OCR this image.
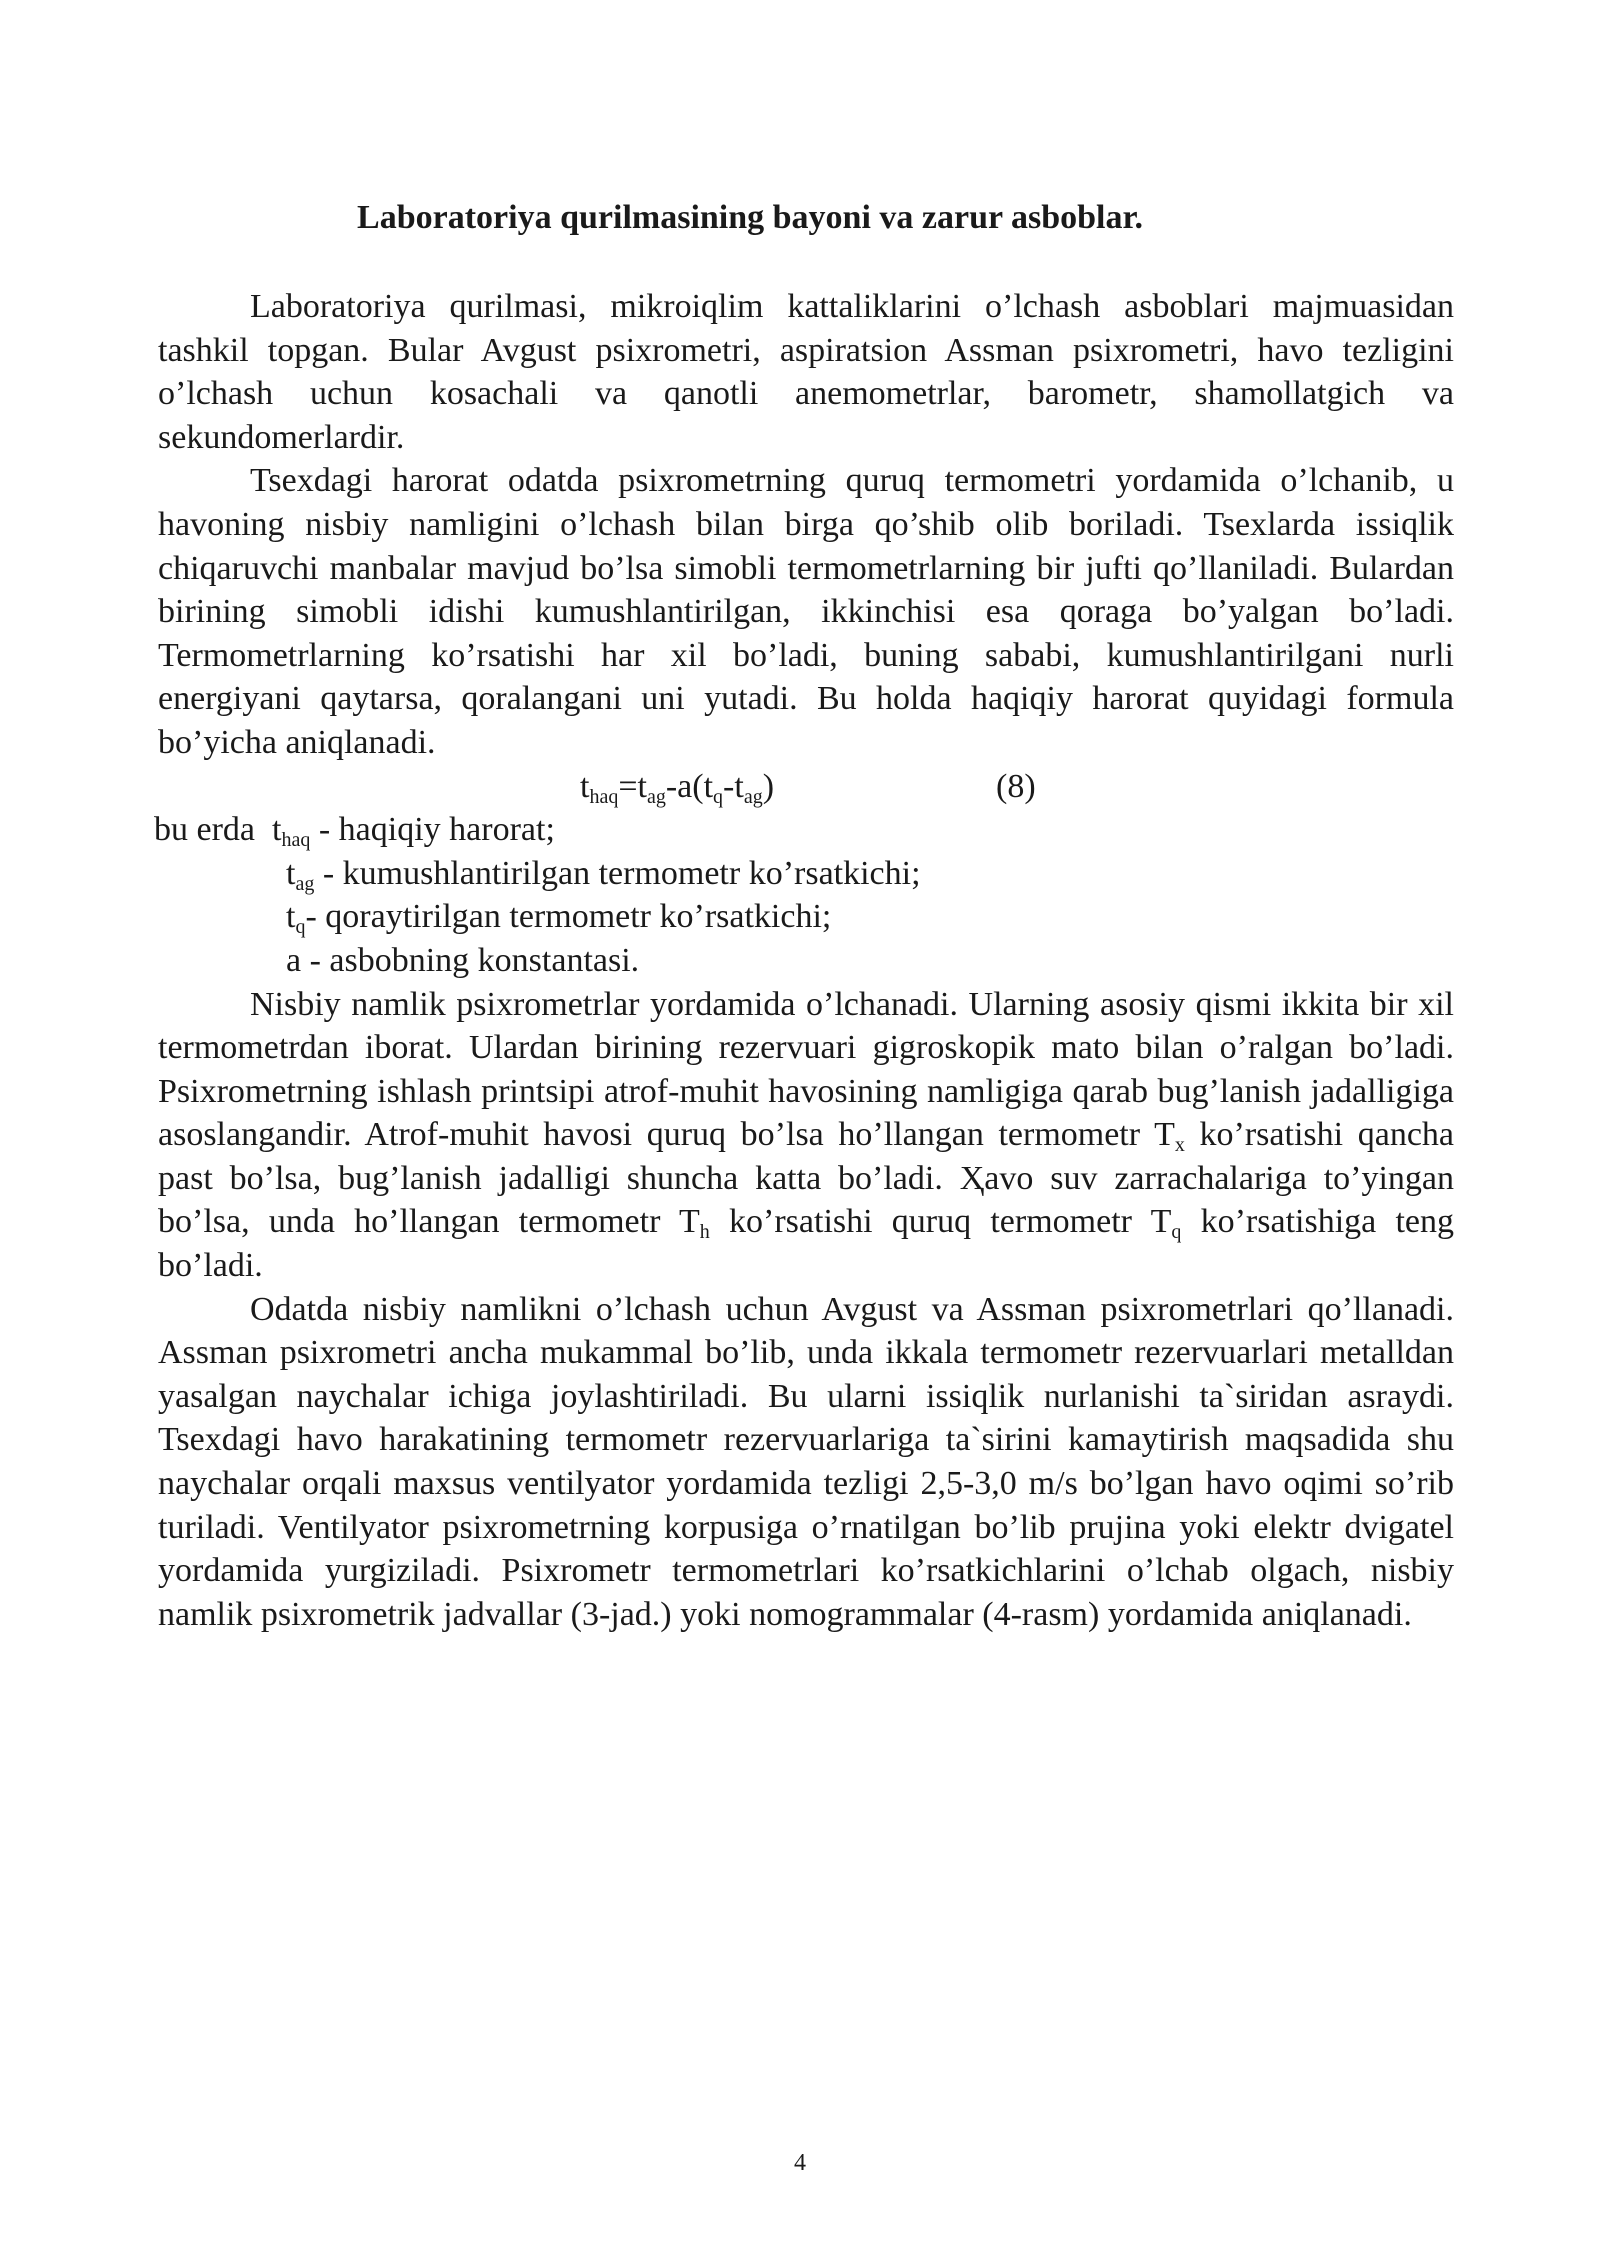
Laboratoriya qurilmasining bayoni va zarur asboblar.

Laboratoriya qurilmasi, mikroiqlim kattaliklarini o’lchash asboblari majmuasidan tashkil topgan. Bular Avgust psixrometri, aspiratsion Assman psixrometri, havo tezligini o’lchash uchun kosachali va qanotli anemometrlar, barometr, shamollatgich va sekundomerlardir.

Tsexdagi harorat odatda psixrometrning quruq termometri yordamida o’lchanib, u havoning nisbiy namligini o’lchash bilan birga qo’shib olib boriladi. Tsexlarda issiqlik chiqaruvchi manbalar mavjud bo’lsa simobli termometrlarning bir jufti qo’llaniladi. Bulardan birining simobli idishi kumushlantirilgan, ikkinchisi esa qoraga bo’yalgan bo’ladi. Termometrlarning ko’rsatishi har xil bo’ladi, buning sababi, kumushlantirilgani nurli energiyani qaytarsa, qoralangani uni yutadi. Bu holda haqiqiy harorat quyidagi formula bo’yicha aniqlanadi.

$t_{haq}=t_{ag}-a(t_q-t_{ag})$	(8)
bu erda $t_{haq}$ - haqiqiy harorat;
$t_{ag}$ - kumushlantirilgan termometr ko’rsatkichi;
$t_q-$ qoraytirilgan termometr ko’rsatkichi;
a - asbobning konstantasi.

Nisbiy namlik psixrometrlar yordamida o’lchanadi. Ularning asosiy qismi ikkita bir xil termometrdan iborat. Ulardan birining rezervuari gigroskopik mato bilan o’ralgan bo’ladi. Psixrometrning ishlash printsipi atrof-muhit havosining namligiga qarab bug’lanish jadalligiga asoslangandir. Atrof-muhit havosi quruq bo’lsa ho’llangan termometr $T_x$ ko’rsatishi qancha past bo’lsa, bug’lanish jadalligi shuncha katta bo’ladi. Ҳavo suv zarrachalariga to’yingan bo’lsa, unda ho’llangan termometr $T_h$ ko’rsatishi quruq termometr $T_q$ ko’rsatishiga teng bo’ladi.

Odatda nisbiy namlikni o’lchash uchun Avgust va Assman psixrometrlari qo’llanadi. Assman psixrometri ancha mukammal bo’lib, unda ikkala termometr rezervuarlari metalldan yasalgan naychalar ichiga joylashtiriladi. Bu ularni issiqlik nurlanishi ta`siridan asraydi. Tsexdagi havo harakatining termometr rezervuarlariga ta`sirini kamaytirish maqsadida shu naychalar orqali maxsus ventilyator yordamida tezligi 2,5-3,0 m/s bo’lgan havo oqimi so’rib turiladi. Ventilyator psixrometrning korpusiga o’rnatilgan bo’lib prujina yoki elektr dvigatel yordamida yurgiziladi. Psixrometr termometrlari ko’rsatkichlarini o’lchab olgach, nisbiy namlik psixrometrik jadvallar (3-jad.) yoki nomogrammalar (4-rasm) yordamida aniqlanadi.

4
